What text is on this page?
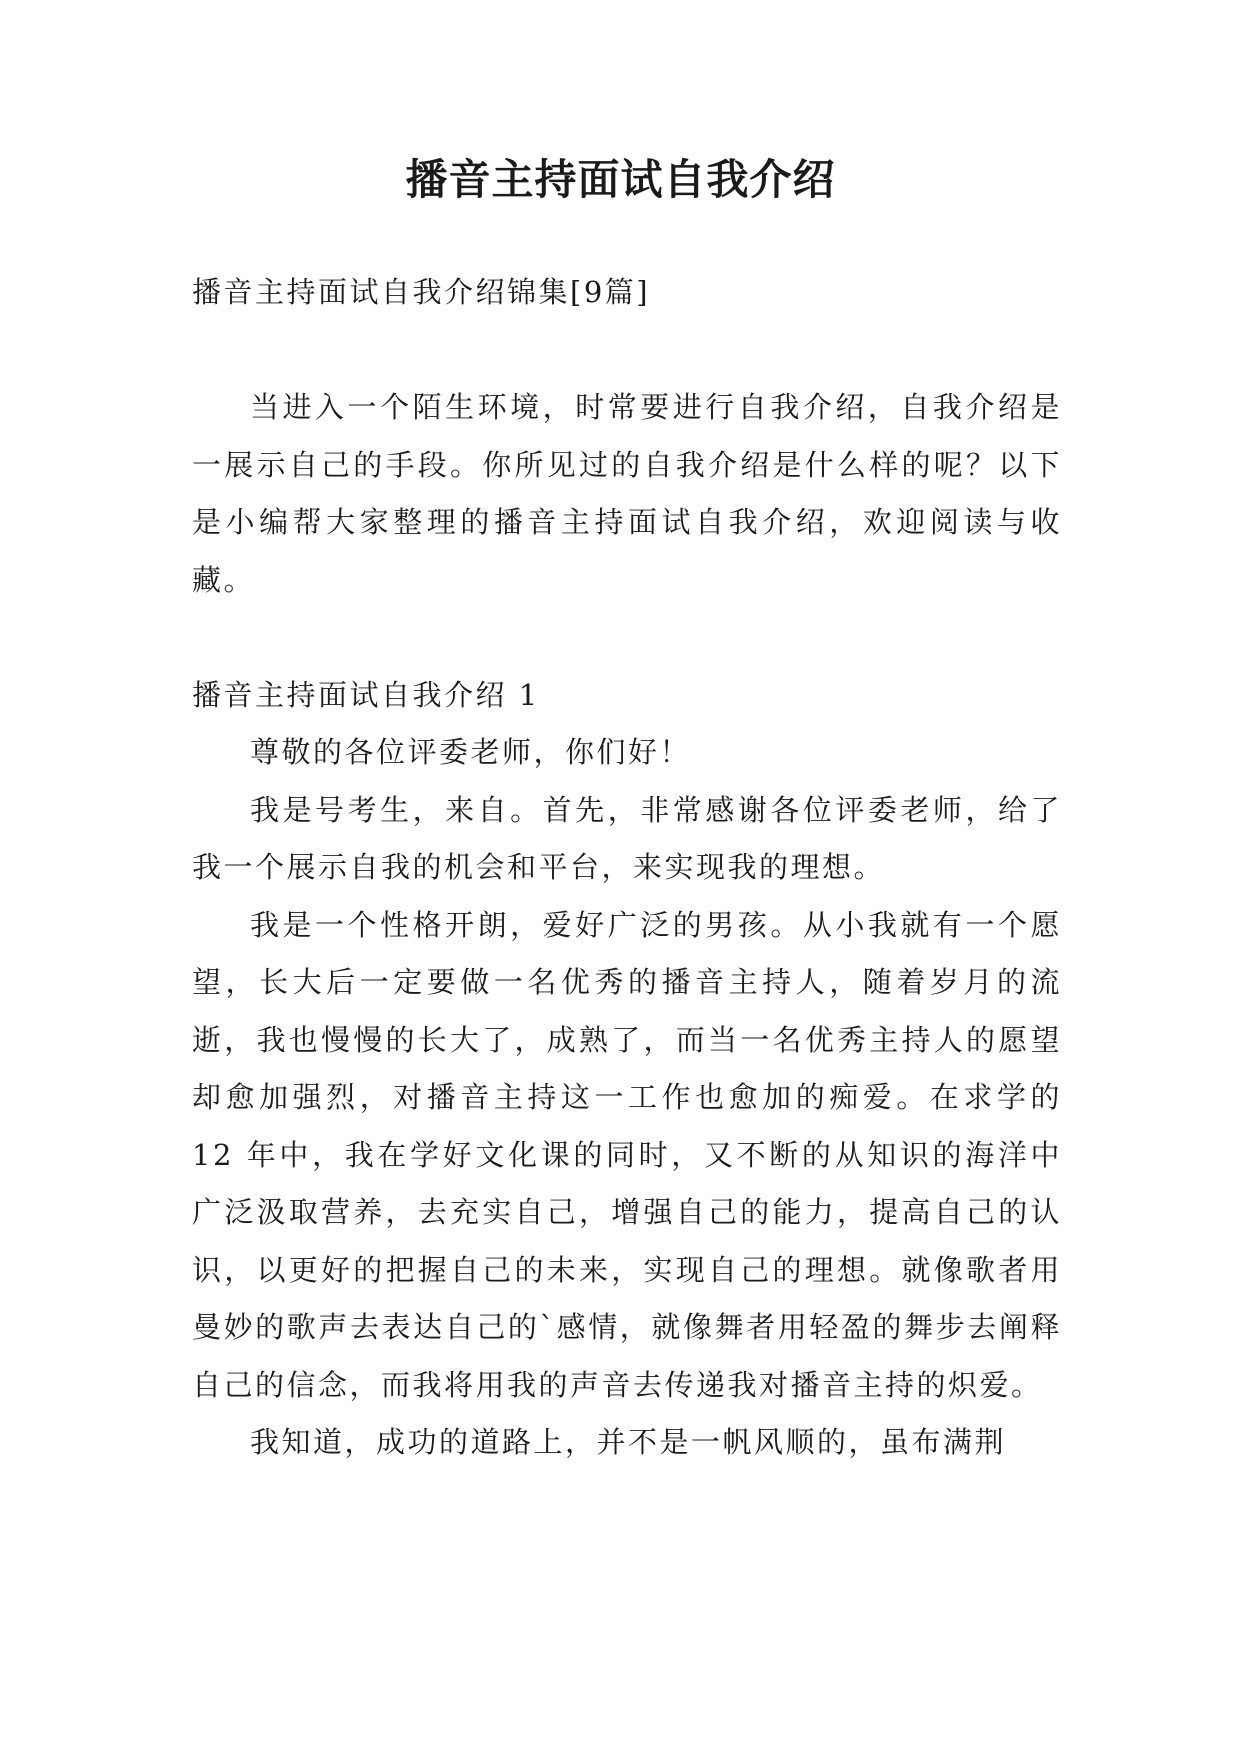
播音主持面试自我介绍

播音主持面试自我介绍锦集[9篇]

当进入一个陌生环境，时常要进行自我介绍，自我介绍是一展示自己的手段。你所见过的自我介绍是什么样的呢？以下是小编帮大家整理的播音主持面试自我介绍，欢迎阅读与收藏。

播音主持面试自我介绍 1

尊敬的各位评委老师，你们好！

我是号考生，来自。首先，非常感谢各位评委老师，给了我一个展示自我的机会和平台，来实现我的理想。

我是一个性格开朗，爱好广泛的男孩。从小我就有一个愿望，长大后一定要做一名优秀的播音主持人，随着岁月的流逝，我也慢慢的长大了，成熟了，而当一名优秀主持人的愿望却愈加强烈，对播音主持这一工作也愈加的痴爱。在求学的 12 年中，我在学好文化课的同时，又不断的从知识的海洋中广泛汲取营养，去充实自己，增强自己的能力，提高自己的认识，以更好的把握自己的未来，实现自己的理想。就像歌者用曼妙的歌声去表达自己的`感情，就像舞者用轻盈的舞步去阐释自己的信念，而我将用我的声音去传递我对播音主持的炽爱。

我知道，成功的道路上，并不是一帆风顺的，虽布满荆
